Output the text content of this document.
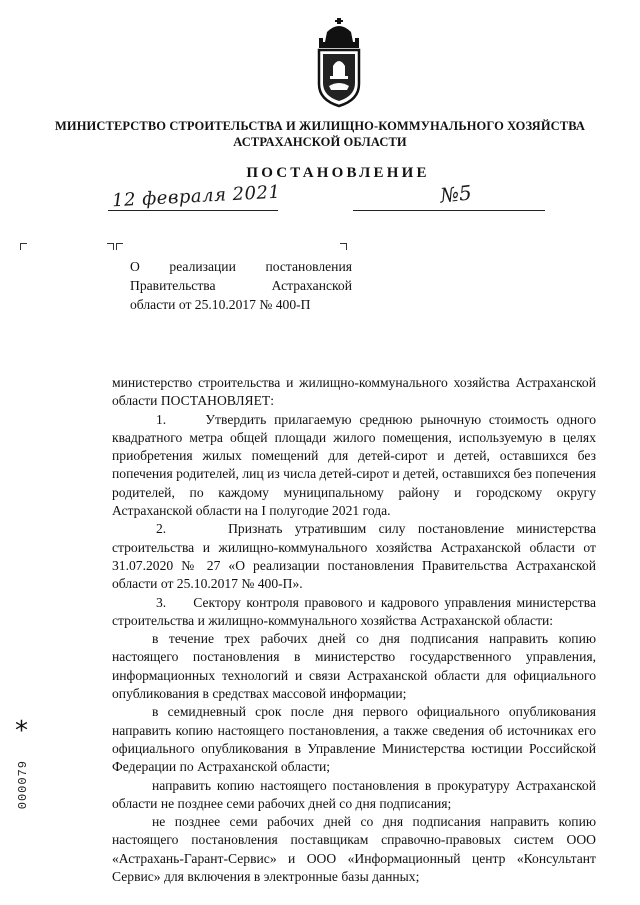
МИНИСТЕРСТВО СТРОИТЕЛЬСТВА И ЖИЛИЩНО-КОММУНАЛЬНОГО ХОЗЯЙСТВА
АСТРАХАНСКОЙ ОБЛАСТИ
ПОСТАНОВЛЕНИЕ
12 февраля 2021	№5
О реализации постановления
Правительства Астраханской
области от 25.10.2017 № 400-П

министерство строительства и жилищно-коммунального хозяйства Астраханской области ПОСТАНОВЛЯЕТ:

1.     Утвердить прилагаемую среднюю рыночную стоимость одного квадратного метра общей площади жилого помещения, используемую в целях приобретения жилых помещений для детей-сирот и детей, оставшихся без попечения родителей, лиц из числа детей-сирот и детей, оставшихся без попечения родителей, по каждому муниципальному району и городскому округу Астраханской области на I полугодие 2021 года.

2.     Признать утратившим силу постановление министерства строительства и жилищно-коммунального хозяйства Астраханской области от 31.07.2020 № 27 «О реализации постановления Правительства Астраханской области от 25.10.2017 № 400-П».

3.     Сектору контроля правового и кадрового управления министерства строительства и жилищно-коммунального хозяйства Астраханской области:

в течение трех рабочих дней со дня подписания направить копию настоящего постановления в министерство государственного управления, информационных технологий и связи Астраханской области для официального опубликования в средствах массовой информации;

в семидневный срок после дня первого официального опубликования направить копию настоящего постановления, а также сведения об источниках его официального опубликования в Управление Министерства юстиции Российской Федерации по Астраханской области;

направить копию настоящего постановления в прокуратуру Астраханской области не позднее семи рабочих дней со дня подписания;

не позднее семи рабочих дней со дня подписания направить копию настоящего постановления поставщикам справочно-правовых систем ООО «Астрахань-Гарант-Сервис» и ООО «Информационный центр «Консультант Сервис» для включения в электронные базы данных;

*
000079
